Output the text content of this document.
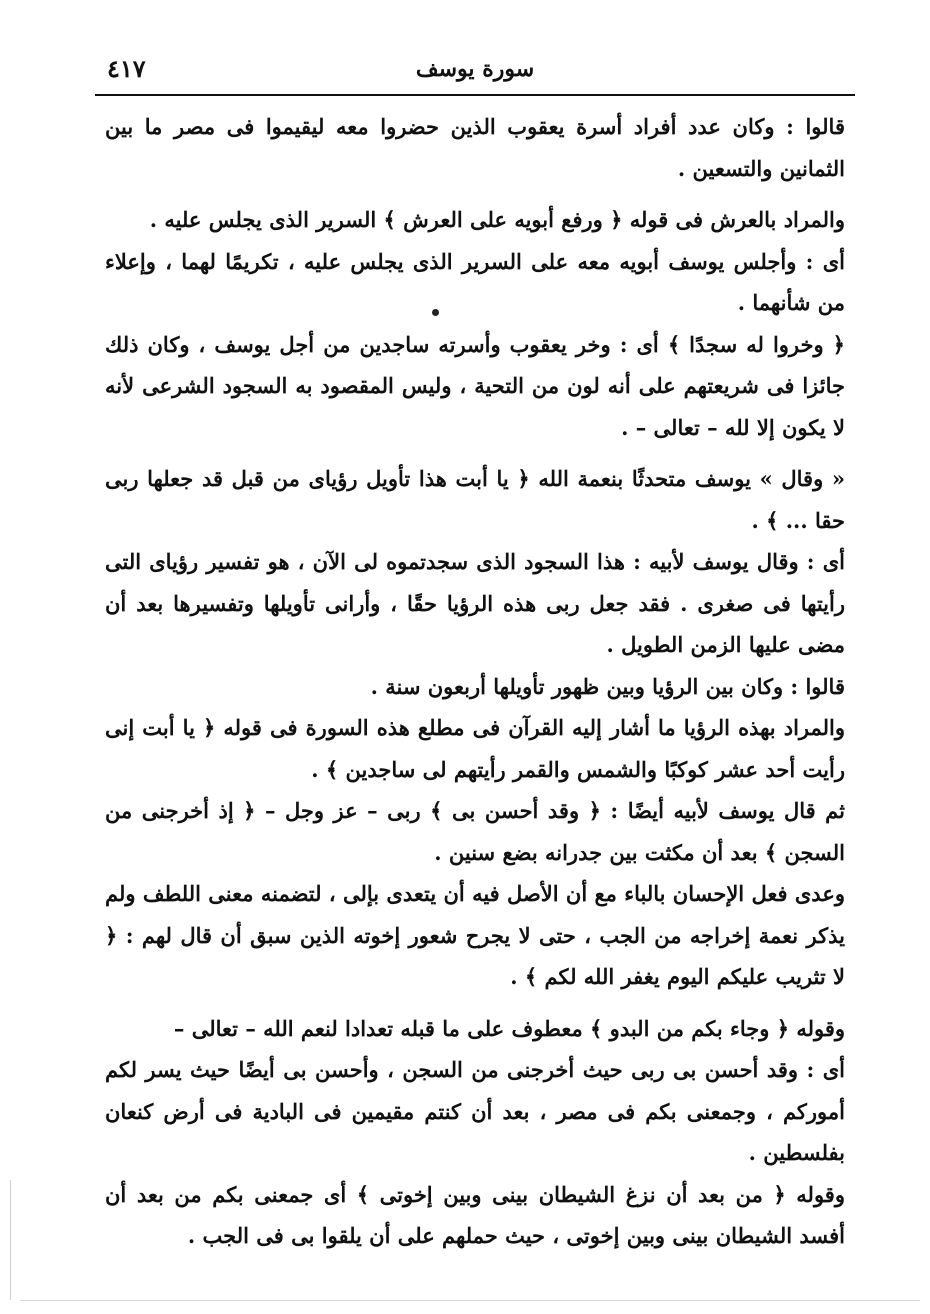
سورة يوسف
٤١٧

قالوا : وكان عدد أفراد أسرة يعقوب الذين حضروا معه ليقيموا فى مصر ما بين الثمانين والتسعين .

والمراد بالعرش فى قوله ﴿ ورفع أبويه على العرش ﴾ السرير الذى يجلس عليه .

أى : وأجلس يوسف أبويه معه على السرير الذى يجلس عليه ، تكريمًا لهما ، وإعلاء من شأنهما .

﴿ وخروا له سجدًا ﴾ أى : وخر يعقوب وأسرته ساجدين من أجل يوسف ، وكان ذلك جائزا فى شريعتهم على أنه لون من التحية ، وليس المقصود به السجود الشرعى لأنه لا يكون إلا لله – تعالى – .

« وقال » يوسف متحدثًا بنعمة الله ﴿ يا أبت هذا تأويل رؤياى من قبل قد جعلها ربى حقا ... ﴾ .

أى : وقال يوسف لأبيه : هذا السجود الذى سجدتموه لى الآن ، هو تفسير رؤياى التى رأيتها فى صغرى . فقد جعل ربى هذه الرؤيا حقًا ، وأرانى تأويلها وتفسيرها بعد أن مضى عليها الزمن الطويل .

قالوا : وكان بين الرؤيا وبين ظهور تأويلها أربعون سنة .

والمراد بهذه الرؤيا ما أشار إليه القرآن فى مطلع هذه السورة فى قوله ﴿ يا أبت إنى رأيت أحد عشر كوكبًا والشمس والقمر رأيتهم لى ساجدين ﴾ .

ثم قال يوسف لأبيه أيضًا : ﴿ وقد أحسن بى ﴾ ربى – عز وجل – ﴿ إذ أخرجنى من السجن ﴾ بعد أن مكثت بين جدرانه بضع سنين .

وعدى فعل الإحسان بالباء مع أن الأصل فيه أن يتعدى بإلى ، لتضمنه معنى اللطف ولم يذكر نعمة إخراجه من الجب ، حتى لا يجرح شعور إخوته الذين سبق أن قال لهم : ﴿ لا تثريب عليكم اليوم يغفر الله لكم ﴾ .

وقوله ﴿ وجاء بكم من البدو ﴾ معطوف على ما قبله تعدادا لنعم الله – تعالى –

أى : وقد أحسن بى ربى حيث أخرجنى من السجن ، وأحسن بى أيضًا حيث يسر لكم أموركم ، وجمعنى بكم فى مصر ، بعد أن كنتم مقيمين فى البادية فى أرض كنعان بفلسطين .

وقوله ﴿ من بعد أن نزغ الشيطان بينى وبين إخوتى ﴾ أى جمعنى بكم من بعد أن أفسد الشيطان بينى وبين إخوتى ، حيث حملهم على أن يلقوا بى فى الجب .
